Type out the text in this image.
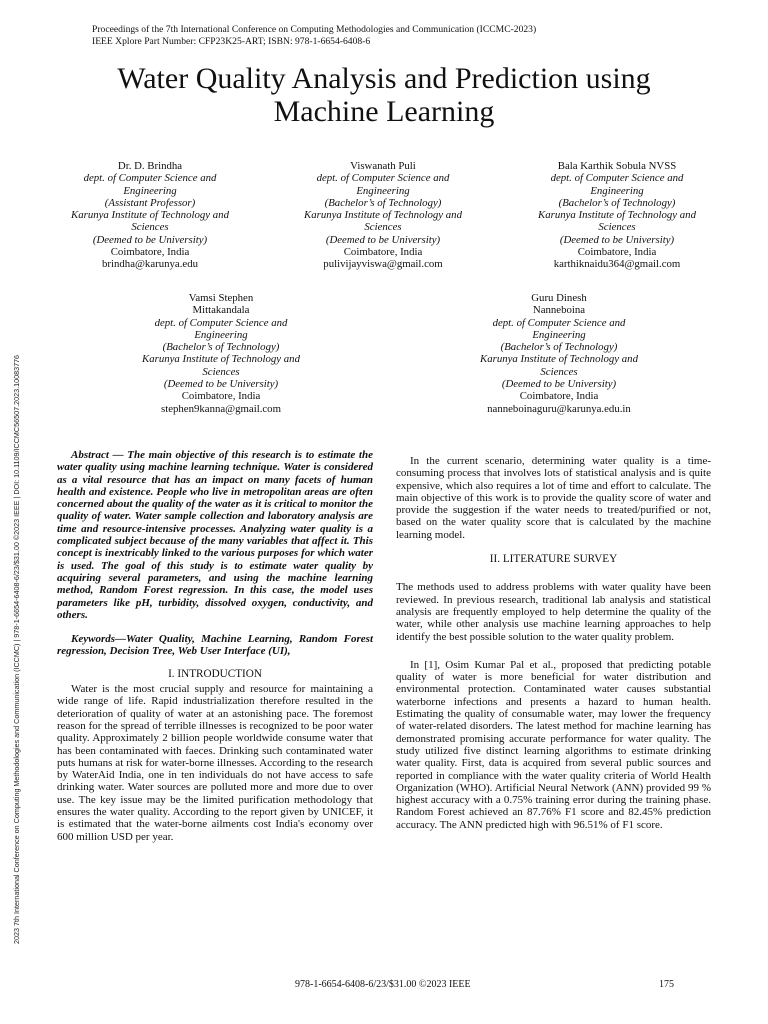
Proceedings of the 7th International Conference on Computing Methodologies and Communication (ICCMC-2023)
IEEE Xplore Part Number: CFP23K25-ART; ISBN: 978-1-6654-6408-6
Water Quality Analysis and Prediction using
Machine Learning
Dr. D. Brindha
dept. of Computer Science and
Engineering
(Assistant Professor)
Karunya Institute of Technology and
Sciences
(Deemed to be University)
Coimbatore, India
brindha@karunya.edu
Viswanath Puli
dept. of Computer Science and
Engineering
(Bachelor’s of Technology)
Karunya Institute of Technology and
Sciences
(Deemed to be University)
Coimbatore, India
pulivijayviswa@gmail.com
Bala Karthik Sobula NVSS
dept. of Computer Science and
Engineering
(Bachelor’s of Technology)
Karunya Institute of Technology and
Sciences
(Deemed to be University)
Coimbatore, India
karthiknaidu364@gmail.com
Vamsi Stephen
Mittakandala
dept. of Computer Science and
Engineering
(Bachelor’s of Technology)
Karunya Institute of Technology and
Sciences
(Deemed to be University)
Coimbatore, India
stephen9kanna@gmail.com
Guru Dinesh
Nanneboina
dept. of Computer Science and
Engineering
(Bachelor’s of Technology)
Karunya Institute of Technology and
Sciences
(Deemed to be University)
Coimbatore, India
nanneboinaguru@karunya.edu.in
2023 7th International Conference on Computing Methodologies and Communication (ICCMC) | 978-1-6654-6408-6/23/$31.00 ©2023 IEEE | DOI: 10.1109/ICCMC56507.2023.10083776	Abstract — The main objective of this research is to estimate the water quality using machine learning technique. Water is considered as a vital resource that has an impact on many facets of human health and existence. People who live in metropolitan areas are often concerned about the quality of the water as it is critical to monitor the quality of water. Water sample collection and laboratory analysis are time and resource-intensive processes. Analyzing water quality is a complicated subject because of the many variables that affect it. This concept is inextricably linked to the various purposes for which water is used. The goal of this study is to estimate water quality by acquiring several parameters, and using the machine learning method, Random Forest regression. In this case, the model uses parameters like pH, turbidity, dissolved oxygen, conductivity, and others.

Keywords—Water Quality, Machine Learning, Random Forest regression, Decision Tree, Web User Interface (UI),

I. INTRODUCTION

Water is the most crucial supply and resource for maintaining a wide range of life. Rapid industrialization therefore resulted in the deterioration of quality of water at an astonishing pace. The foremost reason for the spread of terrible illnesses is recognized to be poor water quality. Approximately 2 billion people worldwide consume water that has been contaminated with faeces. Drinking such contaminated water puts humans at risk for water-borne illnesses. According to the research by WaterAid India, one in ten individuals do not have access to safe drinking water. Water sources are polluted more and more due to over use. The key issue may be the limited purification methodology that ensures the water quality. According to the report given by UNICEF, it is estimated that the water-borne ailments cost India's economy over 600 million USD per year.

In the current scenario, determining water quality is a time-consuming process that involves lots of statistical analysis and is quite expensive, which also requires a lot of time and effort to calculate. The main objective of this work is to provide the quality score of water and provide the suggestion if the water needs to treated/purified or not, based on the water quality score that is calculated by the machine learning model.

II. LITERATURE SURVEY

The methods used to address problems with water quality have been reviewed. In previous research, traditional lab analysis and statistical analysis are frequently employed to help determine the quality of the water, while other analysis use machine learning approaches to help identify the best possible solution to the water quality problem.

In [1], Osim Kumar Pal et al., proposed that predicting potable quality of water is more beneficial for water distribution and environmental protection. Contaminated water causes substantial waterborne infections and presents a hazard to human health. Estimating the quality of consumable water, may lower the frequency of water-related disorders. The latest method for machine learning has demonstrated promising accurate performance for water quality. The study utilized five distinct learning algorithms to estimate drinking water quality. First, data is acquired from several public sources and reported in compliance with the water quality criteria of World Health Organization (WHO). Artificial Neural Network (ANN) provided 99 % highest accuracy with a 0.75% training error during the training phase. Random Forest achieved an 87.76% F1 score and 82.45% prediction accuracy. The ANN predicted high with 96.51% of F1 score.

978-1-6654-6408-6/23/$31.00 ©2023 IEEE	175
